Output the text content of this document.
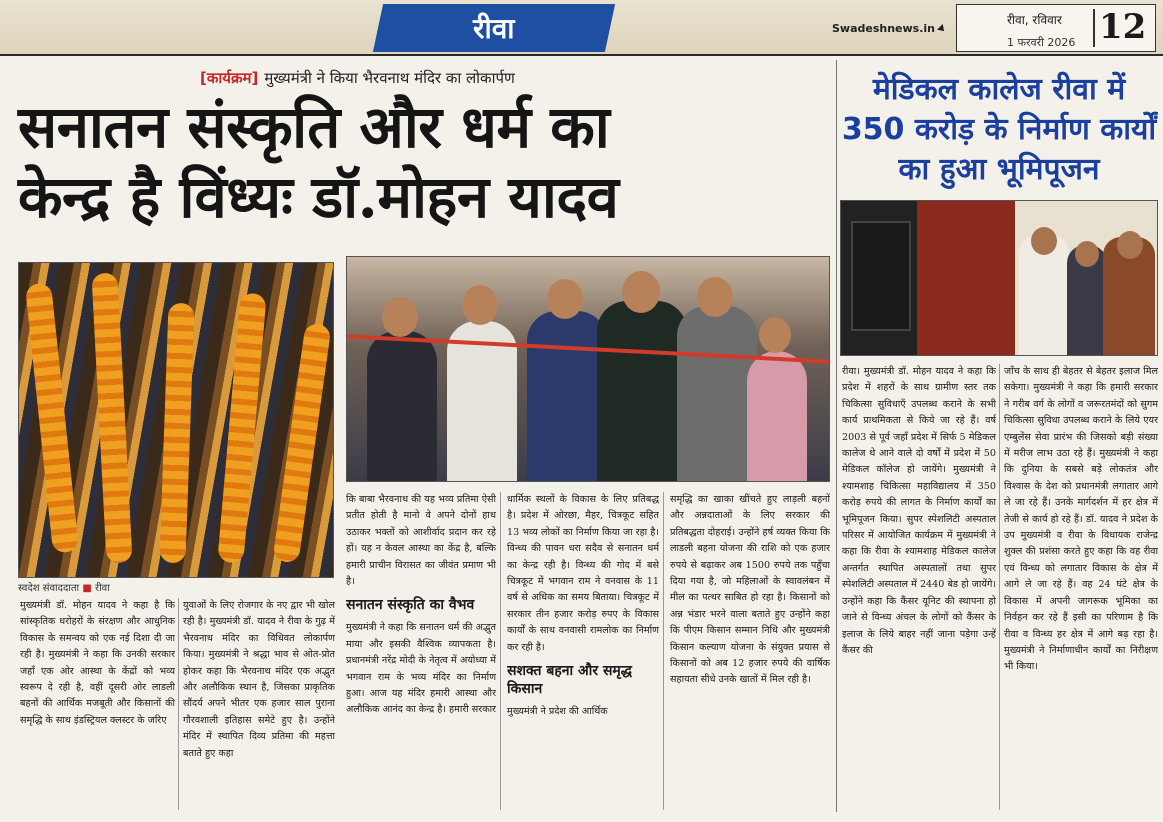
रीवा	Swadeshnews.in
रीवा, रविवार
1 फरवरी 2026 12
[कार्यक्रम] मुख्यमंत्री ने किया भैरवनाथ मंदिर का लोकार्पण
सनातन संस्कृति और धर्म का
केन्द्र है विंध्यः डॉ.मोहन यादव
मेडिकल कालेज रीवा में 350 करोड़ के निर्माण कार्यों का हुआ भूमिपूजन
स्वदेश संवाददाता ■ रीवा

मुख्यमंत्री डॉ. मोहन यादव ने कहा है कि सांस्कृतिक धरोहरों के संरक्षण और आधुनिक विकास के समन्वय को एक नई दिशा दी जा रही है। मुख्यमंत्री ने कहा कि उनकी सरकार जहाँ एक ओर आस्था के केंद्रों को भव्य स्वरूप दे रही है, वहीं दूसरी ओर लाडली बहनों की आर्थिक मजबूती और किसानों की समृद्धि के साथ इंडस्ट्रियल क्लस्टर के जरिए

युवाओं के लिए रोजगार के नए द्वार भी खोल रही है। मुख्यमंत्री डॉ. यादव ने रीवा के गुढ़ में भैरवनाथ मंदिर का विधिवत लोकार्पण किया। मुख्यमंत्री ने श्रद्धा भाव से ओत-प्रोत होकर कहा कि भैरवनाथ मंदिर एक अद्भुत और अलौकिक स्थान है, जिसका प्राकृतिक सौंदर्य अपने भीतर एक हजार साल पुराना गौरवशाली इतिहास समेटे हुए है। उन्होंने मंदिर में स्थापित दिव्य प्रतिमा की महत्ता बताते हुए कहा

कि बाबा भैरवनाथ की यह भव्य प्रतिमा ऐसी प्रतीत होती है मानो वे अपने दोनों हाथ उठाकर भक्तों को आशीर्वाद प्रदान कर रहे हों। यह न केवल आस्था का केंद्र है, बल्कि हमारी प्राचीन विरासत का जीवंत प्रमाण भी है।

सनातन संस्कृति का वैभव

मुख्यमंत्री ने कहा कि सनातन धर्म की अद्भुत माया और इसकी वैश्विक व्यापकता है। प्रधानमंत्री नरेंद्र मोदी के नेतृत्व में अयोध्या में भगवान राम के भव्य मंदिर का निर्माण हुआ। आज यह मंदिर हमारी आस्था और अलौकिक आनंद का केन्द्र है। हमारी सरकार

धार्मिक स्थलों के विकास के लिए प्रतिबद्ध है। प्रदेश में ओरछा, मैहर, चित्रकूट सहित 13 भव्य लोकों का निर्माण किया जा रहा है। विन्ध्य की पावन धरा सदैव से सनातन धर्म का केन्द्र रही है। विन्ध्य की गोद में बसे चित्रकूट में भगवान राम ने वनवास के 11 वर्ष से अधिक का समय बिताया। चित्रकूट में सरकार तीन हजार करोड़ रुपए के विकास कार्यों के साथ वनवासी रामलोक का निर्माण कर रही है।

सशक्त बहना और समृद्ध किसान

मुख्यमंत्री ने प्रदेश की आर्थिक

समृद्धि का खाका खींचते हुए लाड़ली बहनों और अन्नदाताओं के लिए सरकार की प्रतिबद्धता दोहराई। उन्होंने हर्ष व्यक्त किया कि लाडली बहना योजना की राशि को एक हजार रुपये से बढ़ाकर अब 1500 रुपये तक पहुँचा दिया गया है, जो महिलाओं के स्वावलंबन में मील का पत्थर साबित हो रहा है। किसानों को अन्न भंडार भरने वाला बताते हुए उन्होंने कहा कि पीएम किसान सम्मान निधि और मुख्यमंत्री किसान कल्याण योजना के संयुक्त प्रयास से किसानों को अब 12 हजार रुपये की वार्षिक सहायता सीधे उनके खातों में मिल रही है।

रीवा। मुख्यमंत्री डॉ. मोहन यादव ने कहा कि प्रदेश में शहरों के साथ ग्रामीण स्तर तक चिकित्सा सुविधाएँ उपलब्ध कराने के सभी कार्य प्राथमिकता से किये जा रहे हैं। वर्ष 2003 से पूर्व जहाँ प्रदेश में सिर्फ 5 मेडिकल कालेज थे आने वाले दो वर्षों में प्रदेश में 50 मेडिकल कॉलेज हो जायेंगे। मुख्यमंत्री ने श्यामशाह चिकित्सा महाविद्यालय में 350 करोड़ रुपये की लागत के निर्माण कार्यों का भूमिपूजन किया। सुपर स्पेशलिटी अस्पताल परिसर में आयोजित कार्यक्रम में मुख्यमंत्री ने कहा कि रीवा के श्यामशाह मेडिकल कालेज अन्तर्गत स्थापित अस्पतालों तथा सुपर स्पेशलिटी अस्पताल में 2440 बेड हो जायेंगे। उन्होंने कहा कि कैंसर यूनिट की स्थापना हो जाने से विन्ध्य अंचल के लोगों को कैंसर के इलाज के लिये बाहर नहीं जाना पड़ेगा उन्हें कैंसर की

जाँच के साथ ही बेहतर से बेहतर इलाज मिल सकेगा। मुख्यमंत्री ने कहा कि हमारी सरकार ने गरीब वर्ग के लोगों व जरूरतमंदों को सुगम चिकित्सा सुविधा उपलब्ध कराने के लिये एयर एम्बुलेंस सेवा प्रारंभ की जिसको बड़ी संख्या में मरीज लाभ उठा रहे हैं। मुख्यमंत्री ने कहा कि दुनिया के सबसे बड़े लोकतंत्र और विश्वास के देश को प्रधानमंत्री लगातार आगे ले जा रहे हैं। उनके मार्गदर्शन में हर क्षेत्र में तेजी से कार्य हो रहे हैं। डॉ. यादव ने प्रदेश के उप मुख्यमंत्री व रीवा के विधायक राजेन्द्र शुक्ल की प्रशंसा करते हुए कहा कि वह रीवा एवं विन्ध्य को लगातार विकास के क्षेत्र में आगे ले जा रहे हैं। वह 24 घंटे क्षेत्र के विकास में अपनी जागरूक भूमिका का निर्वहन कर रहे हैं इसी का परिणाम है कि रीवा व विन्ध्य हर क्षेत्र में आगे बढ़ रहा है। मुख्यमंत्री ने निर्माणाधीन कार्यों का निरीक्षण भी किया।
